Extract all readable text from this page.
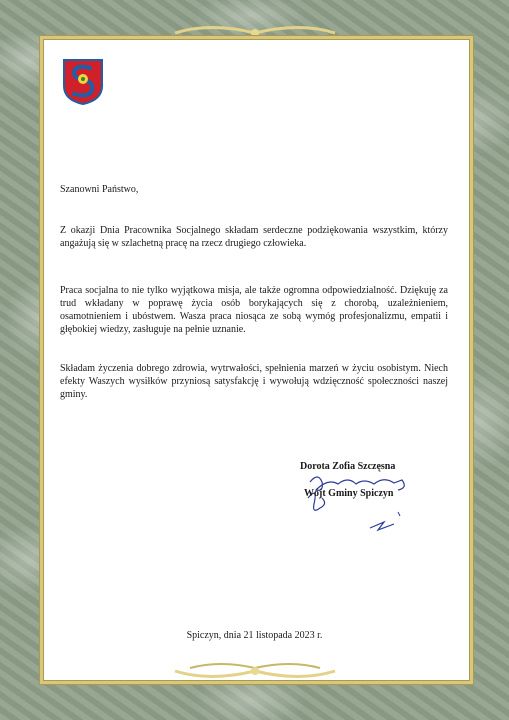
Szanowni Państwo,
Z okazji Dnia Pracownika Socjalnego składam serdeczne podziękowania wszystkim, którzy angażują się w szlachetną pracę na rzecz drugiego człowieka.
Praca socjalna to nie tylko wyjątkowa misja, ale także ogromna odpowiedzialność. Dziękuję za trud wkładany w poprawę życia osób borykających się z chorobą, uzależnieniem, osamotnieniem i ubóstwem. Wasza praca niosąca ze sobą wymóg profesjonalizmu, empatii i głębokiej wiedzy, zasługuje na pełnie uznanie.
Składam życzenia dobrego zdrowia, wytrwałości, spełnienia marzeń w życiu osobistym. Niech efekty Waszych wysiłków przyniosą satysfakcję i wywołują wdzięczność społeczności naszej gminy.
Dorota Zofia Szczęsna
Wójt Gminy Spiczyn
Spiczyn, dnia 21 listopada 2023 r.
